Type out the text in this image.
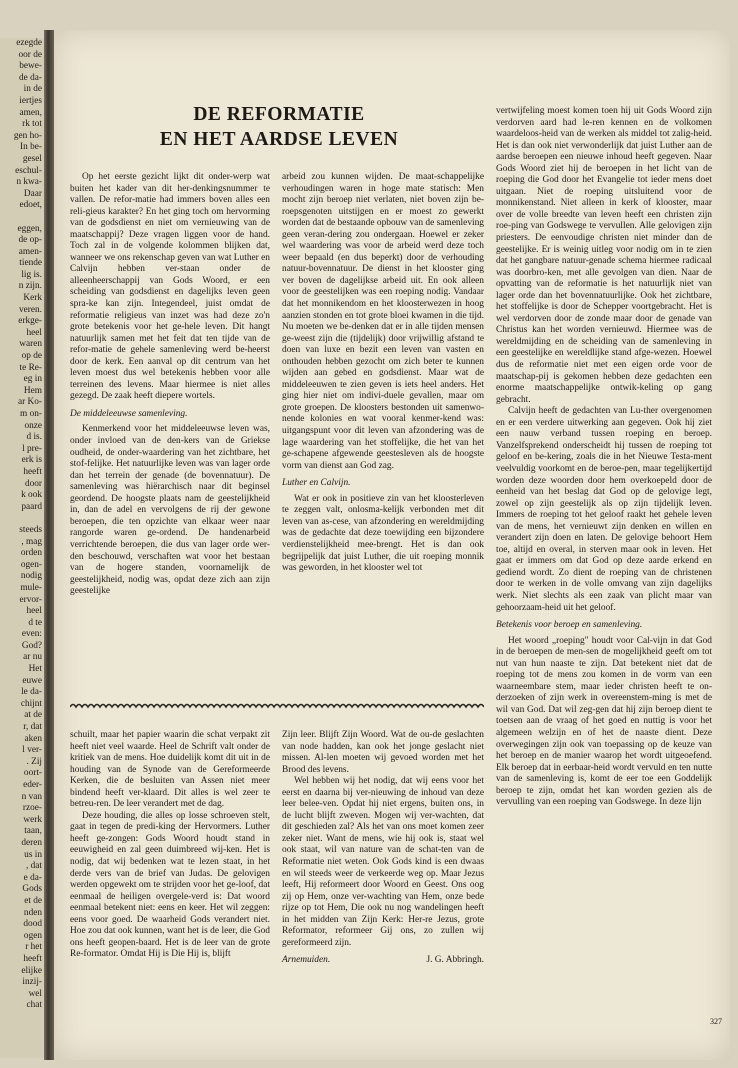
ezegde
oor de
bewe-
de da-
in de
iertjes
amen,
rk tot
gen ho-
In be-
gesel
eschul-
n kwa-
Daar
edoet,

eggen,
de op-
amen-
tiende
lig is.
n zijn.
Kerk
veren.
erkge-
heel
waren
op de
te Re-
eg in
Hem
ar Ko-
m on-
onze
d is.
l pre-
erk is
heeft
door
k ook
paard

steeds
, mag
orden
ogen-
nodig
mule-
ervor-
heel
d te
even:
God?
ar nu
Het
euwe
le da-
chijnt
at de
r, dat
aken
l ver-
. Zij
oort-
eder-
n van
rzoe-
werk
taan,
deren
us in
, dat
e da-
Gods
et de
nden
dood
ogen
r het
heeft
elijke
inzij-
wel
chat
DE REFORMATIE
EN HET AARDSE LEVEN

Op het eerste gezicht lijkt dit onder-werp wat buiten het kader van dit her-denkingsnummer te vallen. De refor-matie had immers boven alles een reli-gieus karakter? En het ging toch om hervorming van de godsdienst en niet om vernieuwing van de maatschappij? Deze vragen liggen voor de hand. Toch zal in de volgende kolommen blijken dat, wanneer we ons rekenschap geven van wat Luther en Calvijn hebben ver-staan onder de alleenheerschappij van Gods Woord, er een scheiding van godsdienst en dagelijks leven geen spra-ke kan zijn. Integendeel, juist omdat de reformatie religieus van inzet was had deze zo'n grote betekenis voor het ge-hele leven. Dit hangt natuurlijk samen met het feit dat ten tijde van de refor-matie de gehele samenleving werd be-heerst door de kerk. Een aanval op dit centrum van het leven moest dus wel betekenis hebben voor alle terreinen des levens. Maar hiermee is niet alles gezegd. De zaak heeft diepere wortels.

De middeleeuwse samenleving.

Kenmerkend voor het middeleeuwse leven was, onder invloed van de den-kers van de Griekse oudheid, de onder-waardering van het zichtbare, het stof-felijke. Het natuurlijke leven was van lager orde dan het terrein der genade (de bovennatuur). De samenleving was hiërarchisch naar dit beginsel geordend. De hoogste plaats nam de geestelijkheid in, dan de adel en vervolgens de rij der gewone beroepen, die ten opzichte van elkaar weer naar rangorde waren ge-ordend. De handenarbeid verrichtende beroepen, die dus van lager orde wer-den beschouwd, verschaften wat voor het bestaan van de hogere standen, voornamelijk de geestelijkheid, nodig was, opdat deze zich aan zijn geestelijke

arbeid zou kunnen wijden. De maat-schappelijke verhoudingen waren in hoge mate statisch: Men mocht zijn beroep niet verlaten, niet boven zijn be-roepsgenoten uitstijgen en er moest zo gewerkt worden dat de bestaande opbouw van de samenleving geen veran-dering zou ondergaan. Hoewel er zeker wel waardering was voor de arbeid werd deze toch weer bepaald (en dus beperkt) door de verhouding natuur-bovennatuur. De dienst in het klooster ging ver boven de dagelijkse arbeid uit. En ook alleen voor de geestelijken was een roeping nodig. Vandaar dat het monnikendom en het kloosterwezen in hoog aanzien stonden en tot grote bloei kwamen in die tijd. Nu moeten we be-denken dat er in alle tijden mensen ge-weest zijn die (tijdelijk) door vrijwillig afstand te doen van luxe en bezit een leven van vasten en onthouden hebben gezocht om zich beter te kunnen wijden aan gebed en godsdienst. Maar wat de middeleeuwen te zien geven is iets heel anders. Het ging hier niet om indivi-duele gevallen, maar om grote groepen. De kloosters bestonden uit samenwo-nende kolonies en wat vooral kenmer-kend was: uitgangspunt voor dit leven van afzondering was de lage waardering van het stoffelijke, die het van het ge-schapene afgewende geestesleven als de hoogste vorm van dienst aan God zag.

Luther en Calvijn.

Wat er ook in positieve zin van het kloosterleven te zeggen valt, onlosma-kelijk verbonden met dit leven van as-cese, van afzondering en wereldmijding was de gedachte dat deze toewijding een bijzondere verdienstelijkheid mee-brengt. Het is dan ook begrijpelijk dat juist Luther, die uit roeping monnik was geworden, in het klooster wel tot

vertwijfeling moest komen toen hij uit Gods Woord zijn verdorven aard had le-ren kennen en de volkomen waardeloos-heid van de werken als middel tot zalig-heid. Het is dan ook niet verwonderlijk dat juist Luther aan de aardse beroepen een nieuwe inhoud heeft gegeven. Naar Gods Woord ziet hij de beroepen in het licht van de roeping die God door het Evangelie tot ieder mens doet uitgaan. Niet de roeping uitsluitend voor de monnikenstand. Niet alleen in kerk of klooster, maar over de volle breedte van leven heeft een christen zijn roe-ping van Godswege te vervullen. Alle gelovigen zijn priesters. De eenvoudige christen niet minder dan de geestelijke. Er is weinig uitleg voor nodig om in te zien dat het gangbare natuur-genade schema hiermee radicaal was doorbro-ken, met alle gevolgen van dien. Naar de opvatting van de reformatie is het natuurlijk niet van lager orde dan het bovennatuurlijke. Ook het zichtbare, het stoffelijke is door de Schepper voortgebracht. Het is wel verdorven door de zonde maar door de genade van Christus kan het worden vernieuwd. Hiermee was de wereldmijding en de scheiding van de samenleving in een geestelijke en wereldlijke stand afge-wezen. Hoewel dus de reformatie niet met een eigen orde voor de maatschap-pij is gekomen hebben deze gedachten een enorme maatschappelijke ontwik-keling op gang gebracht.

Calvijn heeft de gedachten van Lu-ther overgenomen en er een verdere uitwerking aan gegeven. Ook hij ziet een nauw verband tussen roeping en beroep. Vanzelfsprekend onderscheidt hij tussen de roeping tot geloof en be-kering, zoals die in het Nieuwe Testa-ment veelvuldig voorkomt en de beroe-pen, maar tegelijkertijd worden deze woorden door hem overkoepeld door de eenheid van het beslag dat God op de gelovige legt, zowel op zijn geestelijk als op zijn tijdelijk leven. Immers de roeping tot het geloof raakt het gehele leven van de mens, het vernieuwt zijn denken en willen en verandert zijn doen en laten. De gelovige behoort Hem toe, altijd en overal, in sterven maar ook in leven. Het gaat er immers om dat God op deze aarde erkend en gediend wordt. Zo dient de roeping van de christenen door te werken in de volle omvang van zijn dagelijks werk. Niet slechts als een zaak van plicht maar van gehoorzaam-heid uit het geloof.

Betekenis voor beroep en samenleving.

Het woord „roeping" houdt voor Cal-vijn in dat God in de beroepen de men-sen de mogelijkheid geeft om tot nut van hun naaste te zijn. Dat betekent niet dat de roeping tot de mens zou komen in de vorm van een waarneembare stem, maar ieder christen heeft te on-derzoeken of zijn werk in overeenstem-ming is met de wil van God. Dat wil zeg-gen dat hij zijn beroep dient te toetsen aan de vraag of het goed en nuttig is voor het algemeen welzijn en of het de naaste dient. Deze overwegingen zijn ook van toepassing op de keuze van het beroep en de manier waarop het wordt uitgeoefend. Elk beroep dat in eerbaar-heid wordt vervuld en ten nutte van de samenleving is, komt de eer toe een Goddelijk beroep te zijn, omdat het kan worden gezien als de vervulling van een roeping van Godswege. In deze lijn

schuilt, maar het papier waarin die schat verpakt zit heeft niet veel waarde. Heel de Schrift valt onder de kritiek van de mens. Hoe duidelijk komt dit uit in de houding van de Synode van de Gereformeerde Kerken, die de besluiten van Assen niet meer bindend heeft ver-klaard. Dit alles is wel zeer te betreu-ren. De leer verandert met de dag.

Deze houding, die alles op losse schroeven stelt, gaat in tegen de predi-king der Hervormers. Luther heeft ge-zongen: Gods Woord houdt stand in eeuwigheid en zal geen duimbreed wij-ken. Het is nodig, dat wij bedenken wat te lezen staat, in het derde vers van de brief van Judas. De gelovigen werden opgewekt om te strijden voor het ge-loof, dat eenmaal de heiligen overgele-verd is: Dat woord eenmaal betekent niet: eens en keer. Het wil zeggen: eens voor goed. De waarheid Gods verandert niet. Hoe zou dat ook kunnen, want het is de leer, die God ons heeft geopen-baard. Het is de leer van de grote Re-formator. Omdat Hij is Die Hij is, blijft

Zijn leer. Blijft Zijn Woord. Wat de ou-de geslachten van node hadden, kan ook het jonge geslacht niet missen. Al-len moeten wij gevoed worden met het Brood des levens.

Wel hebben wij het nodig, dat wij eens voor het eerst en daarna bij ver-nieuwing de inhoud van deze leer belee-ven. Opdat hij niet ergens, buiten ons, in de lucht blijft zweven. Mogen wij ver-wachten, dat dit geschieden zal? Als het van ons moet komen zeer zeker niet. Want de mens, wie hij ook is, staat wel ook staat, wil van nature van de schat-ten van de Reformatie niet weten. Ook Gods kind is een dwaas en wil steeds weer de verkeerde weg op. Maar Jezus leeft, Hij reformeert door Woord en Geest. Ons oog zij op Hem, onze ver-wachting van Hem, onze bede rijze op tot Hem, Die ook nu nog wandelingen heeft in het midden van Zijn Kerk: Her-re Jezus, grote Reformator, reformeer Gij ons, zo zullen wij gereformeerd zijn.

Arnemuiden.	J. G. Abbringh.
327
